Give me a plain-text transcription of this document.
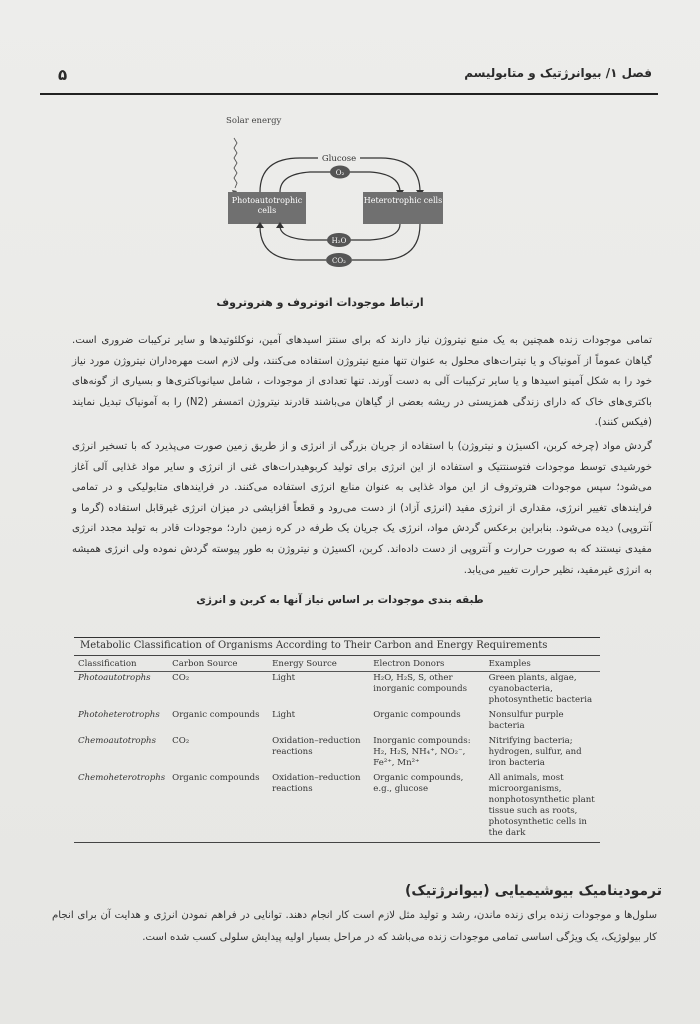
۵	فصل ۱/ بیوانرژتیک و متابولیسم
Solar energy
Glucose
O₂
Photoautotrophic cells
Heterotrophic cells
H₂O
CO₂
ارتباط موجودات اتوتروف و هتروتروف
تمامی موجودات زنده همچنین به یک منبع نیتروژن نیاز دارند که برای سنتز اسیدهای آمین، نوکلئوتیدها و سایر ترکیبات ضروری است. گیاهان عموماً از آمونیاک و یا نیترات‌های محلول به عنوان تنها منبع نیتروژن استفاده می‌کنند، ولی لازم است مهره‌داران نیتروژن مورد نیاز خود را به شکل آمینو اسیدها و یا سایر ترکیبات آلی به دست آورند. تنها تعدادی از موجودات ، شامل سیانوباکتری‌ها و بسیاری از گونه‌های باکتری‌های خاک که دارای زندگی همزیستی در ریشه بعضی از گیاهان می‌باشند قادرند نیتروژن اتمسفر (N2) را به آمونیاک تبدیل نمایند (فیکس کنند).
گردش مواد (چرخه کربن، اکسیژن و نیتروژن) با استفاده از جریان بزرگی از انرژی و از طریق زمین صورت می‌پذیرد که با تسخیر انرژی خورشیدی توسط موجودات فتوسنتتیک و استفاده از این انرژی برای تولید کربوهیدرات‌های غنی از انرژی و سایر مواد غذایی آلی آغاز می‌شود؛ سپس موجودات هتروتروف از این مواد غذایی به عنوان منابع انرژی استفاده می‌کنند. در فرایندهای متابولیکی و در تمامی فرایندهای تغییر انرژی، مقداری از انرژی مفید (انرژی آزاد) از دست می‌رود و قطعاً افزایشی در میزان انرژی غیرقابل استفاده (گرما و آنتروپی) دیده می‌شود. بنابراین برعکس گردش مواد، انرژی یک جریان یک طرفه در کره زمین دارد؛ موجودات قادر به تولید مجدد انرژی مفیدی نیستند که به صورت حرارت و آنتروپی از دست داده‌اند. کربن، اکسیژن و نیتروژن به طور پیوسته گردش نموده ولی انرژی همیشه به انرژی غیرمفید، نظیر حرارت تغییر می‌یابد.
طبقه بندی موجودات بر اساس نیاز آنها به کربن و انرژی
Metabolic Classification of Organisms According to Their Carbon and Energy Requirements
Classification	Carbon Source	Energy Source	Electron Donors	Examples
Photoautotrophs	CO₂	Light	H₂O, H₂S, S, other inorganic compounds	Green plants, algae, cyanobacteria, photosynthetic bacteria
Photoheterotrophs	Organic compounds	Light	Organic compounds	Nonsulfur purple bacteria
Chemoautotrophs	CO₂	Oxidation–reduction reactions	Inorganic compounds: H₂, H₂S, NH₄⁺, NO₂⁻, Fe²⁺, Mn²⁺	Nitrifying bacteria; hydrogen, sulfur, and iron bacteria
Chemoheterotrophs	Organic compounds	Oxidation–reduction reactions	Organic compounds, e.g., glucose	All animals, most microorganisms, nonphotosynthetic plant tissue such as roots, photosynthetic cells in the dark
ترمودینامیک بیوشیمیایی (بیوانرژتیک)
سلول‌ها و موجودات زنده برای زنده ماندن، رشد و تولید مثل لازم است کار انجام دهند. توانایی در فراهم نمودن انرژی و هدایت آن برای انجام کار بیولوژیک، یک ویژگی اساسی تمامی موجودات زنده می‌باشد که در مراحل بسیار اولیه پیدایش سلولی کسب شده است.
